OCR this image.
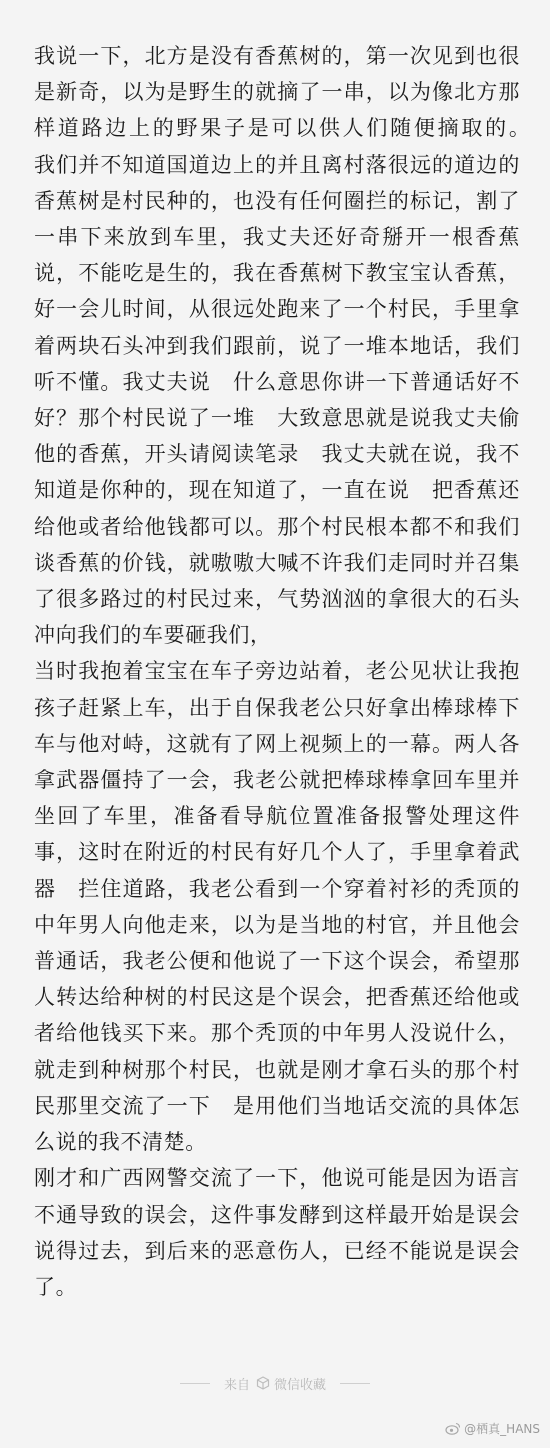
我说一下，北方是没有香蕉树的，第一次见到也很是新奇，以为是野生的就摘了一串，以为像北方那样道路边上的野果子是可以供人们随便摘取的。　我们并不知道国道边上的并且离村落很远的道边的香蕉树是村民种的，也没有任何圈拦的标记，割了一串下来放到车里，我丈夫还好奇掰开一根香蕉说，不能吃是生的，我在香蕉树下教宝宝认香蕉，好一会儿时间，从很远处跑来了一个村民，手里拿着两块石头冲到我们跟前，说了一堆本地话，我们听不懂。我丈夫说　什么意思你讲一下普通话好不好？那个村民说了一堆　大致意思就是说我丈夫偷他的香蕉，开头请阅读笔录　我丈夫就在说，我不知道是你种的，现在知道了，一直在说　把香蕉还给他或者给他钱都可以。那个村民根本都不和我们谈香蕉的价钱，就嗷嗷大喊不许我们走同时并召集了很多路过的村民过来，气势汹汹的拿很大的石头冲向我们的车要砸我们，

当时我抱着宝宝在车子旁边站着，老公见状让我抱孩子赶紧上车，出于自保我老公只好拿出棒球棒下车与他对峙，这就有了网上视频上的一幕。两人各拿武器僵持了一会，我老公就把棒球棒拿回车里并坐回了车里，准备看导航位置准备报警处理这件事，这时在附近的村民有好几个人了，手里拿着武器　拦住道路，我老公看到一个穿着衬衫的秃顶的中年男人向他走来，以为是当地的村官，并且他会普通话，我老公便和他说了一下这个误会，希望那人转达给种树的村民这是个误会，把香蕉还给他或者给他钱买下来。那个秃顶的中年男人没说什么，就走到种树那个村民，也就是刚才拿石头的那个村民那里交流了一下　是用他们当地话交流的具体怎么说的我不清楚。

刚才和广西网警交流了一下，他说可能是因为语言不通导致的误会，这件事发酵到这样最开始是误会说得过去，到后来的恶意伤人，已经不能说是误会了。

来自 微信收藏
@栖真_HANS
